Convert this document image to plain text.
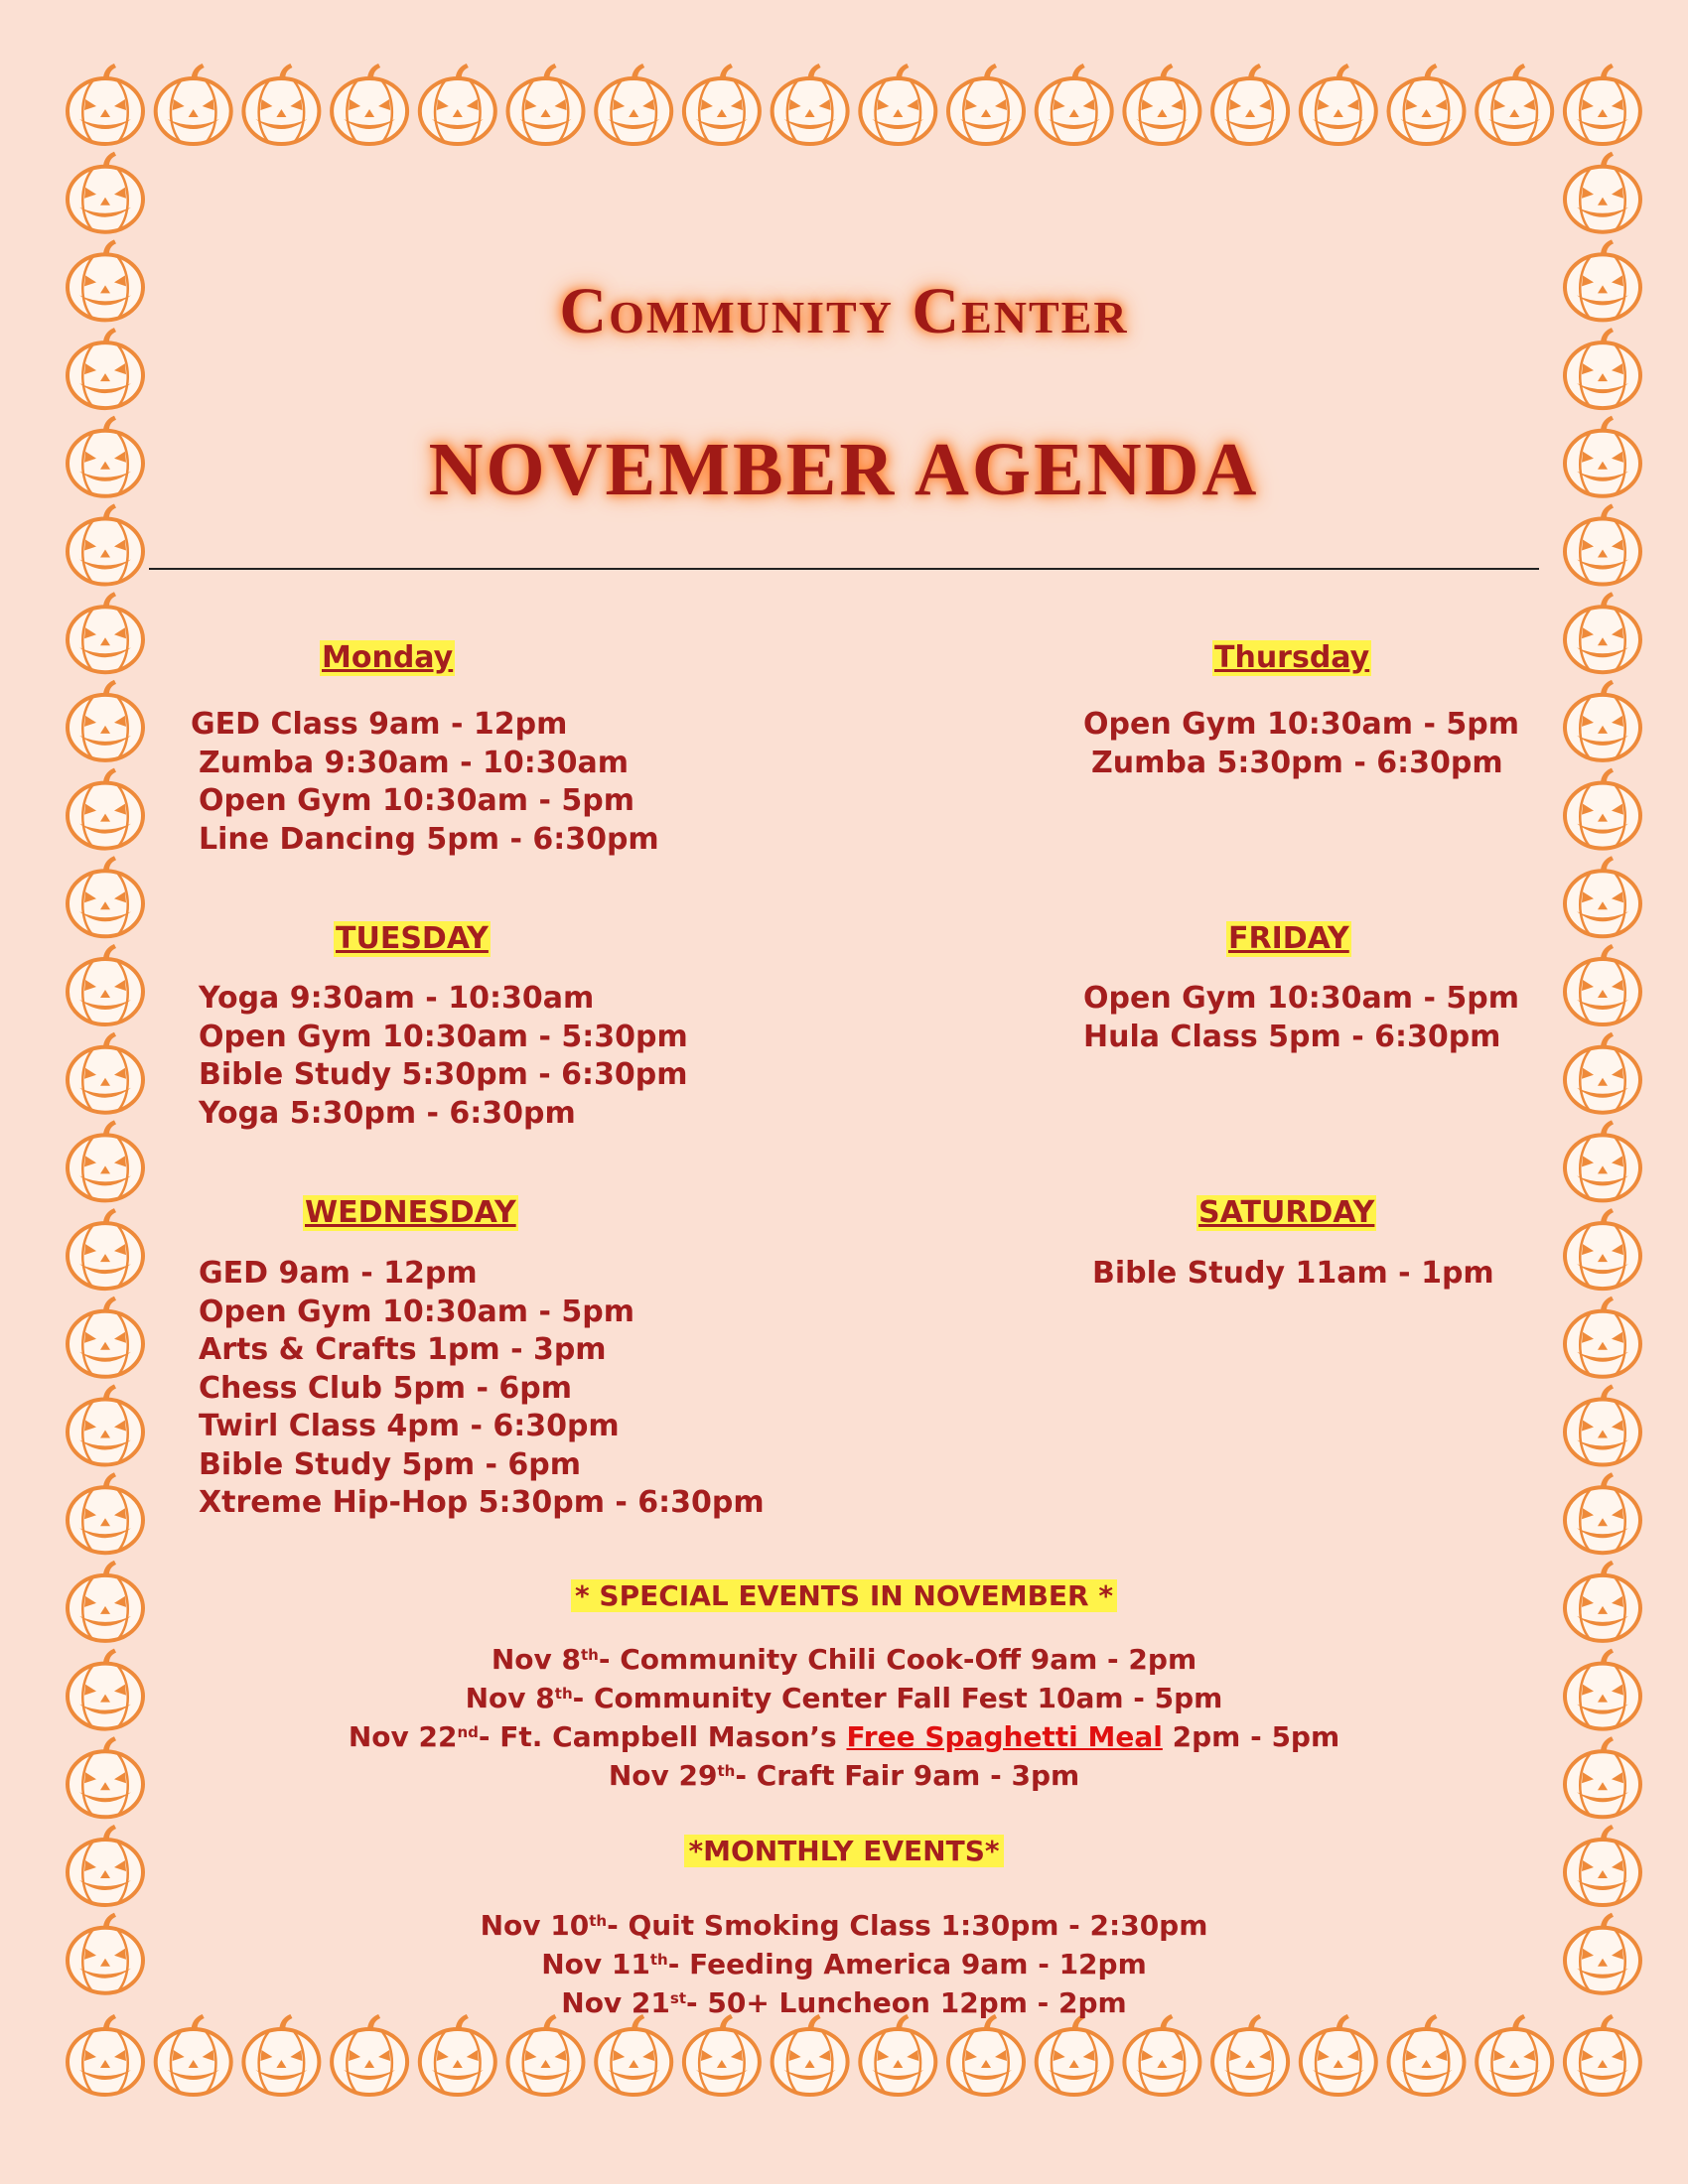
Community Center
NOVEMBER AGENDA
Monday
GED Class 9am - 12pm
Zumba 9:30am - 10:30am
Open Gym 10:30am - 5pm
Line Dancing 5pm - 6:30pm
Thursday
Open Gym 10:30am - 5pm
Zumba 5:30pm - 6:30pm
TUESDAY
Yoga 9:30am - 10:30am
Open Gym 10:30am - 5:30pm
Bible Study 5:30pm - 6:30pm
Yoga 5:30pm - 6:30pm
FRIDAY
Open Gym 10:30am - 5pm
Hula Class 5pm - 6:30pm
WEDNESDAY
GED 9am - 12pm
Open Gym 10:30am - 5pm
Arts & Crafts 1pm - 3pm
Chess Club 5pm - 6pm
Twirl Class 4pm - 6:30pm
Bible Study 5pm - 6pm
Xtreme Hip-Hop 5:30pm - 6:30pm
SATURDAY
Bible Study 11am - 1pm
* SPECIAL EVENTS IN NOVEMBER *
Nov 8th- Community Chili Cook-Off 9am - 2pm
Nov 8th- Community Center Fall Fest 10am - 5pm
Nov 22nd- Ft. Campbell Mason’s Free Spaghetti Meal 2pm - 5pm
Nov 29th- Craft Fair 9am - 3pm
*MONTHLY EVENTS*
Nov 10th- Quit Smoking Class 1:30pm - 2:30pm
Nov 11th- Feeding America 9am - 12pm
Nov 21st- 50+ Luncheon 12pm - 2pm
